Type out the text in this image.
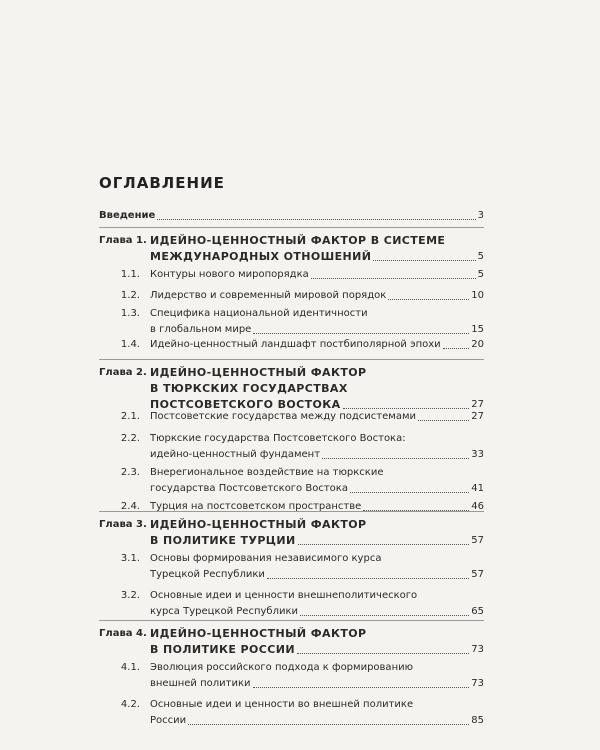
ОГЛАВЛЕНИЕ
Введение	3
Глава 1. ИДЕЙНО-ЦЕННОСТНЫЙ ФАКТОР В СИСТЕМЕ
МЕЖДУНАРОДНЫХ ОТНОШЕНИЙ	5
1.1. Контуры нового миропорядка	5
1.2. Лидерство и современный мировой порядок	10
1.3. Специфика национальной идентичности
в глобальном мире	15
1.4. Идейно-ценностный ландшафт постбиполярной эпохи	20
Глава 2. ИДЕЙНО-ЦЕННОСТНЫЙ ФАКТОР
В ТЮРКСКИХ ГОСУДАРСТВАХ
ПОСТСОВЕТСКОГО ВОСТОКА	27
2.1. Постсоветские государства между подсистемами	27
2.2. Тюркские государства Постсоветского Востока:
идейно-ценностный фундамент	33
2.3. Внерегиональное воздействие на тюркские
государства Постсоветского Востока	41
2.4. Турция на постсоветском пространстве	46
Глава 3. ИДЕЙНО-ЦЕННОСТНЫЙ ФАКТОР
В ПОЛИТИКЕ ТУРЦИИ	57
3.1. Основы формирования независимого курса
Турецкой Республики	57
3.2. Основные идеи и ценности внешнеполитического
курса Турецкой Республики	65
Глава 4. ИДЕЙНО-ЦЕННОСТНЫЙ ФАКТОР
В ПОЛИТИКЕ РОССИИ	73
4.1. Эволюция российского подхода к формированию
внешней политики	73
4.2. Основные идеи и ценности во внешней политике
России	85
